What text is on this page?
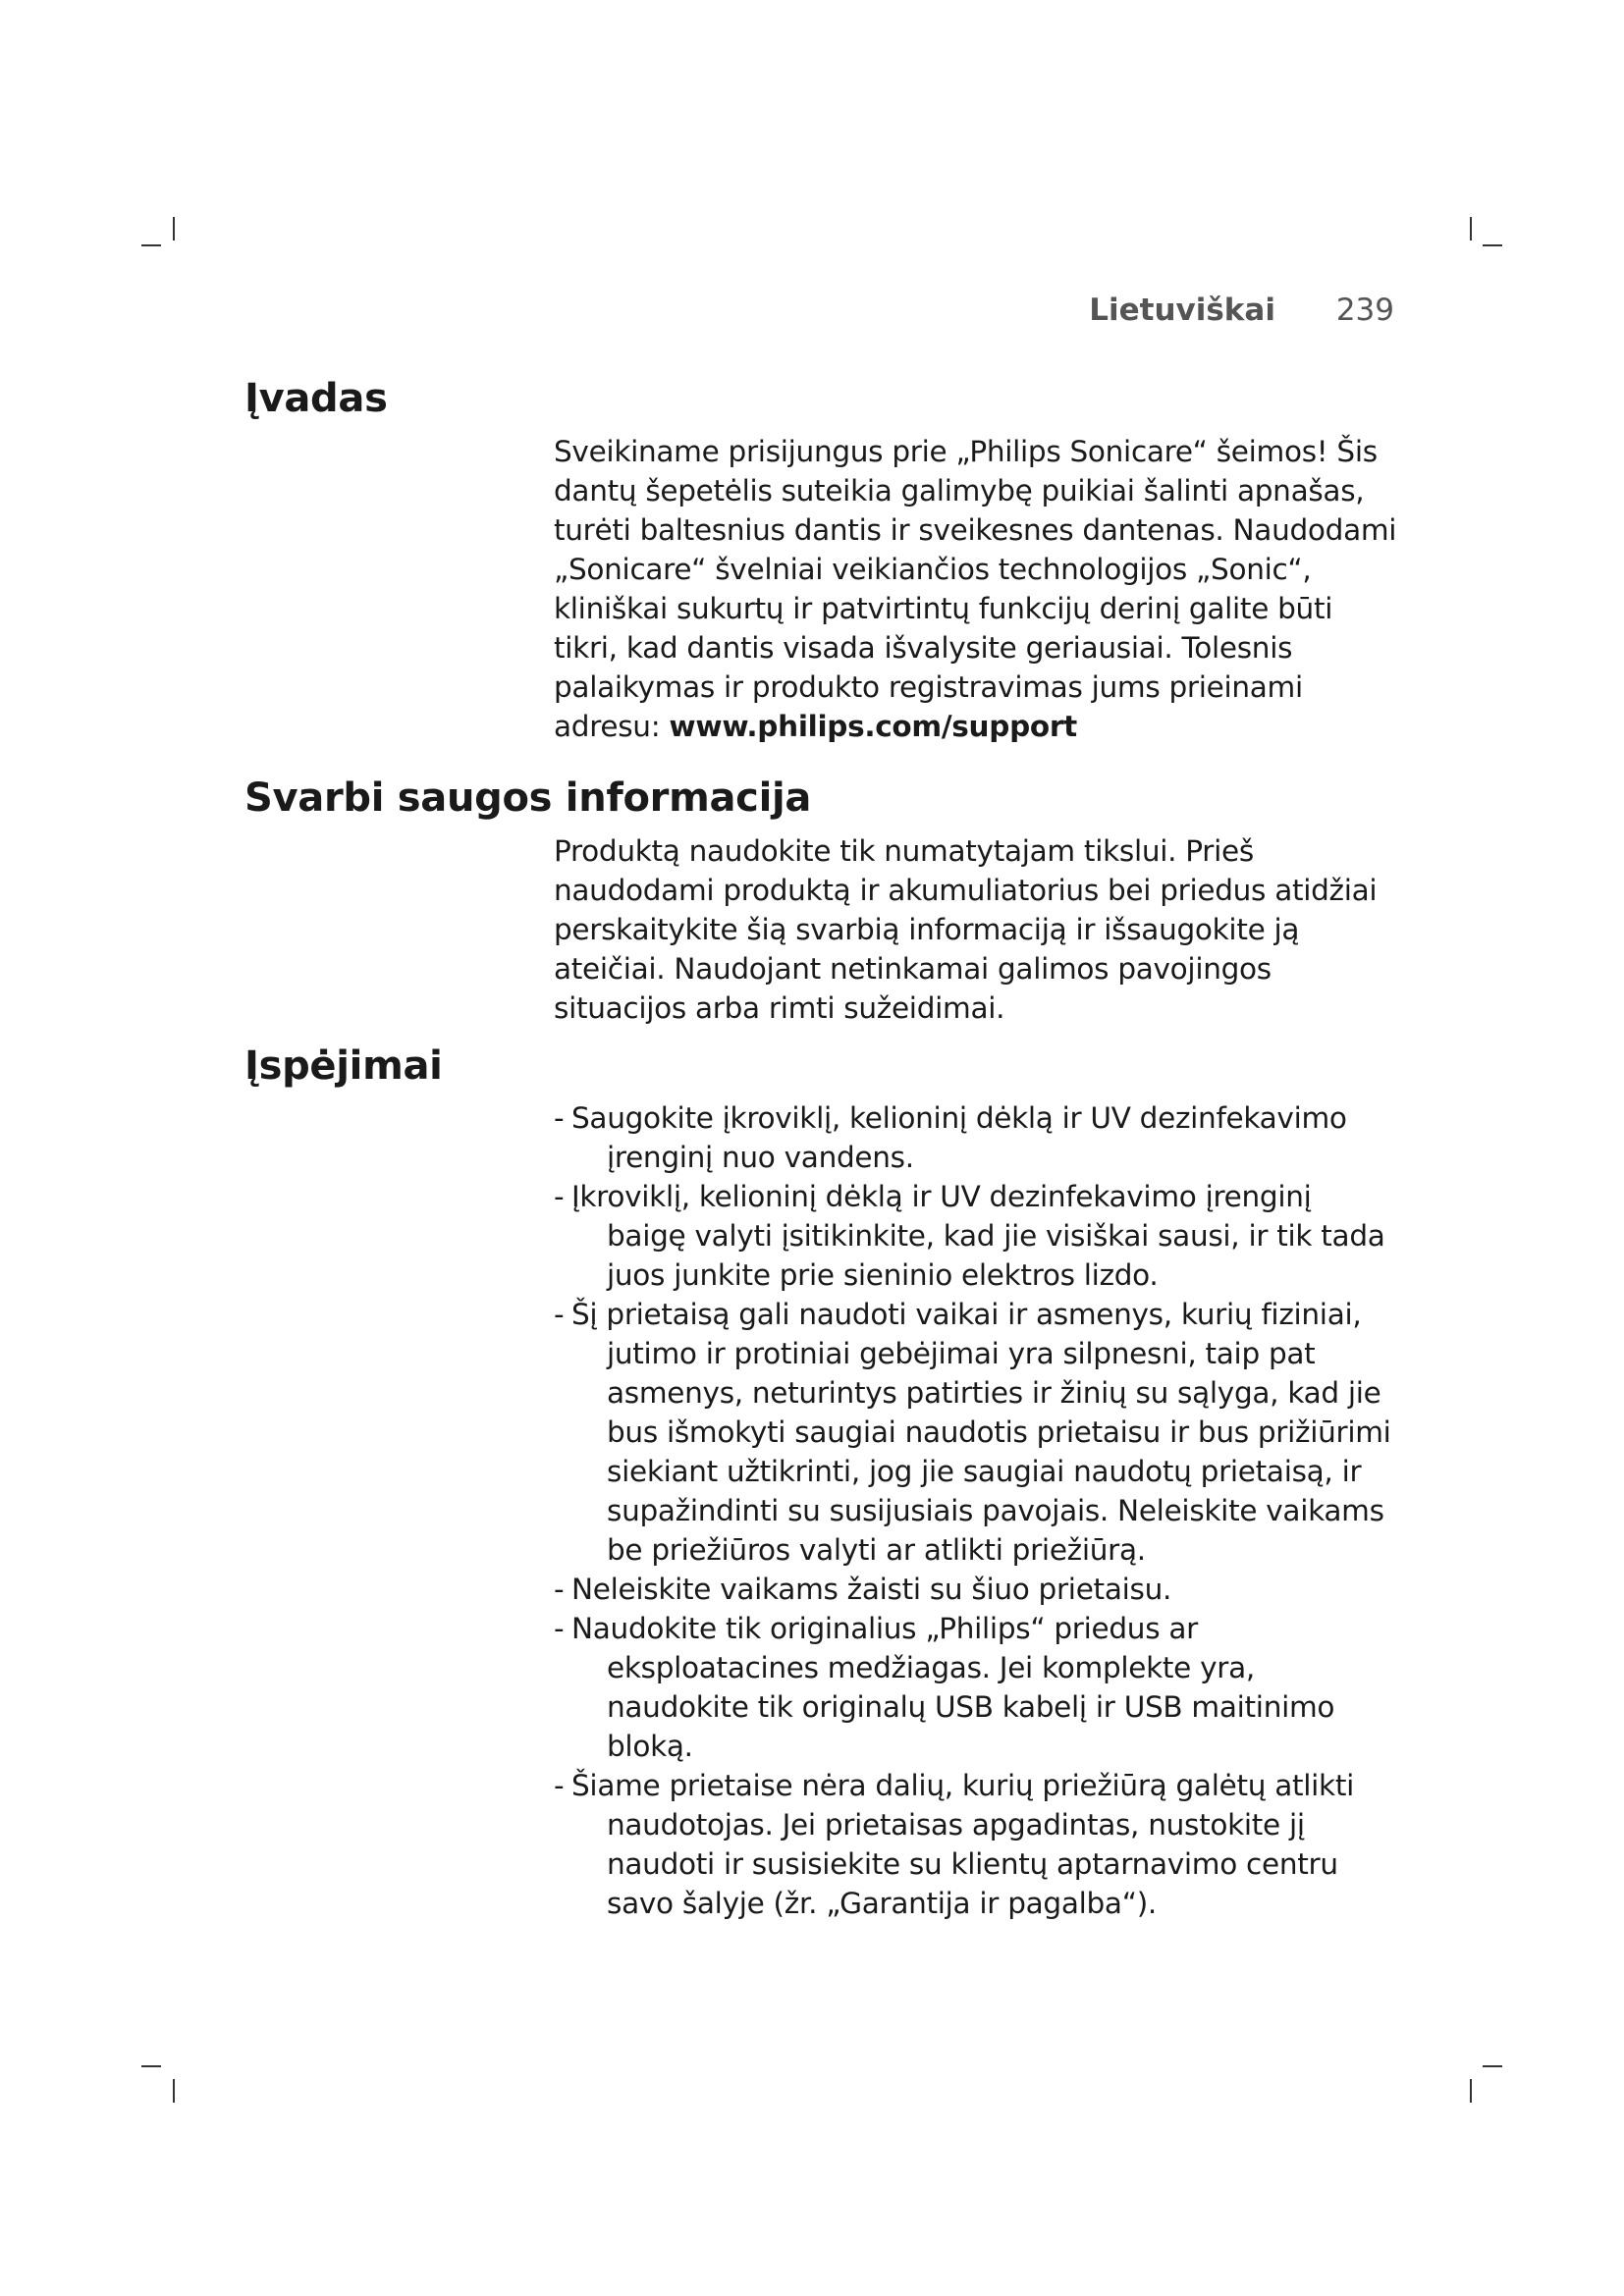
Lietuviškai 239
Įvadas

Sveikiname prisijungus prie „Philips Sonicare“ šeimos! Šis dantų šepetėlis suteikia galimybę puikiai šalinti apnašas, turėti baltesnius dantis ir sveikesnes dantenas. Naudodami „Sonicare“ švelniai veikiančios technologijos „Sonic“, kliniškai sukurtų ir patvirtintų funkcijų derinį galite būti tikri, kad dantis visada išvalysite geriausiai. Tolesnis palaikymas ir produkto registravimas jums prieinami adresu: www.philips.com/support

Svarbi saugos informacija

Produktą naudokite tik numatytajam tikslui. Prieš naudodami produktą ir akumuliatorius bei priedus atidžiai perskaitykite šią svarbią informaciją ir išsaugokite ją ateičiai. Naudojant netinkamai galimos pavojingos situacijos arba rimti sužeidimai.

Įspėjimai
- Saugokite įkroviklį, kelioninį dėklą ir UV dezinfekavimo įrenginį nuo vandens.
- Įkroviklį, kelioninį dėklą ir UV dezinfekavimo įrenginį baigę valyti įsitikinkite, kad jie visiškai sausi, ir tik tada juos junkite prie sieninio elektros lizdo.
- Šį prietaisą gali naudoti vaikai ir asmenys, kurių fiziniai, jutimo ir protiniai gebėjimai yra silpnesni, taip pat asmenys, neturintys patirties ir žinių su sąlyga, kad jie bus išmokyti saugiai naudotis prietaisu ir bus prižiūrimi siekiant užtikrinti, jog jie saugiai naudotų prietaisą, ir supažindinti su susijusiais pavojais. Neleiskite vaikams be priežiūros valyti ar atlikti priežiūrą.
- Neleiskite vaikams žaisti su šiuo prietaisu.
- Naudokite tik originalius „Philips“ priedus ar eksploatacines medžiagas. Jei komplekte yra, naudokite tik originalų USB kabelį ir USB maitinimo bloką.
- Šiame prietaise nėra dalių, kurių priežiūrą galėtų atlikti naudotojas. Jei prietaisas apgadintas, nustokite jį naudoti ir susisiekite su klientų aptarnavimo centru savo šalyje (žr. „Garantija ir pagalba“).
